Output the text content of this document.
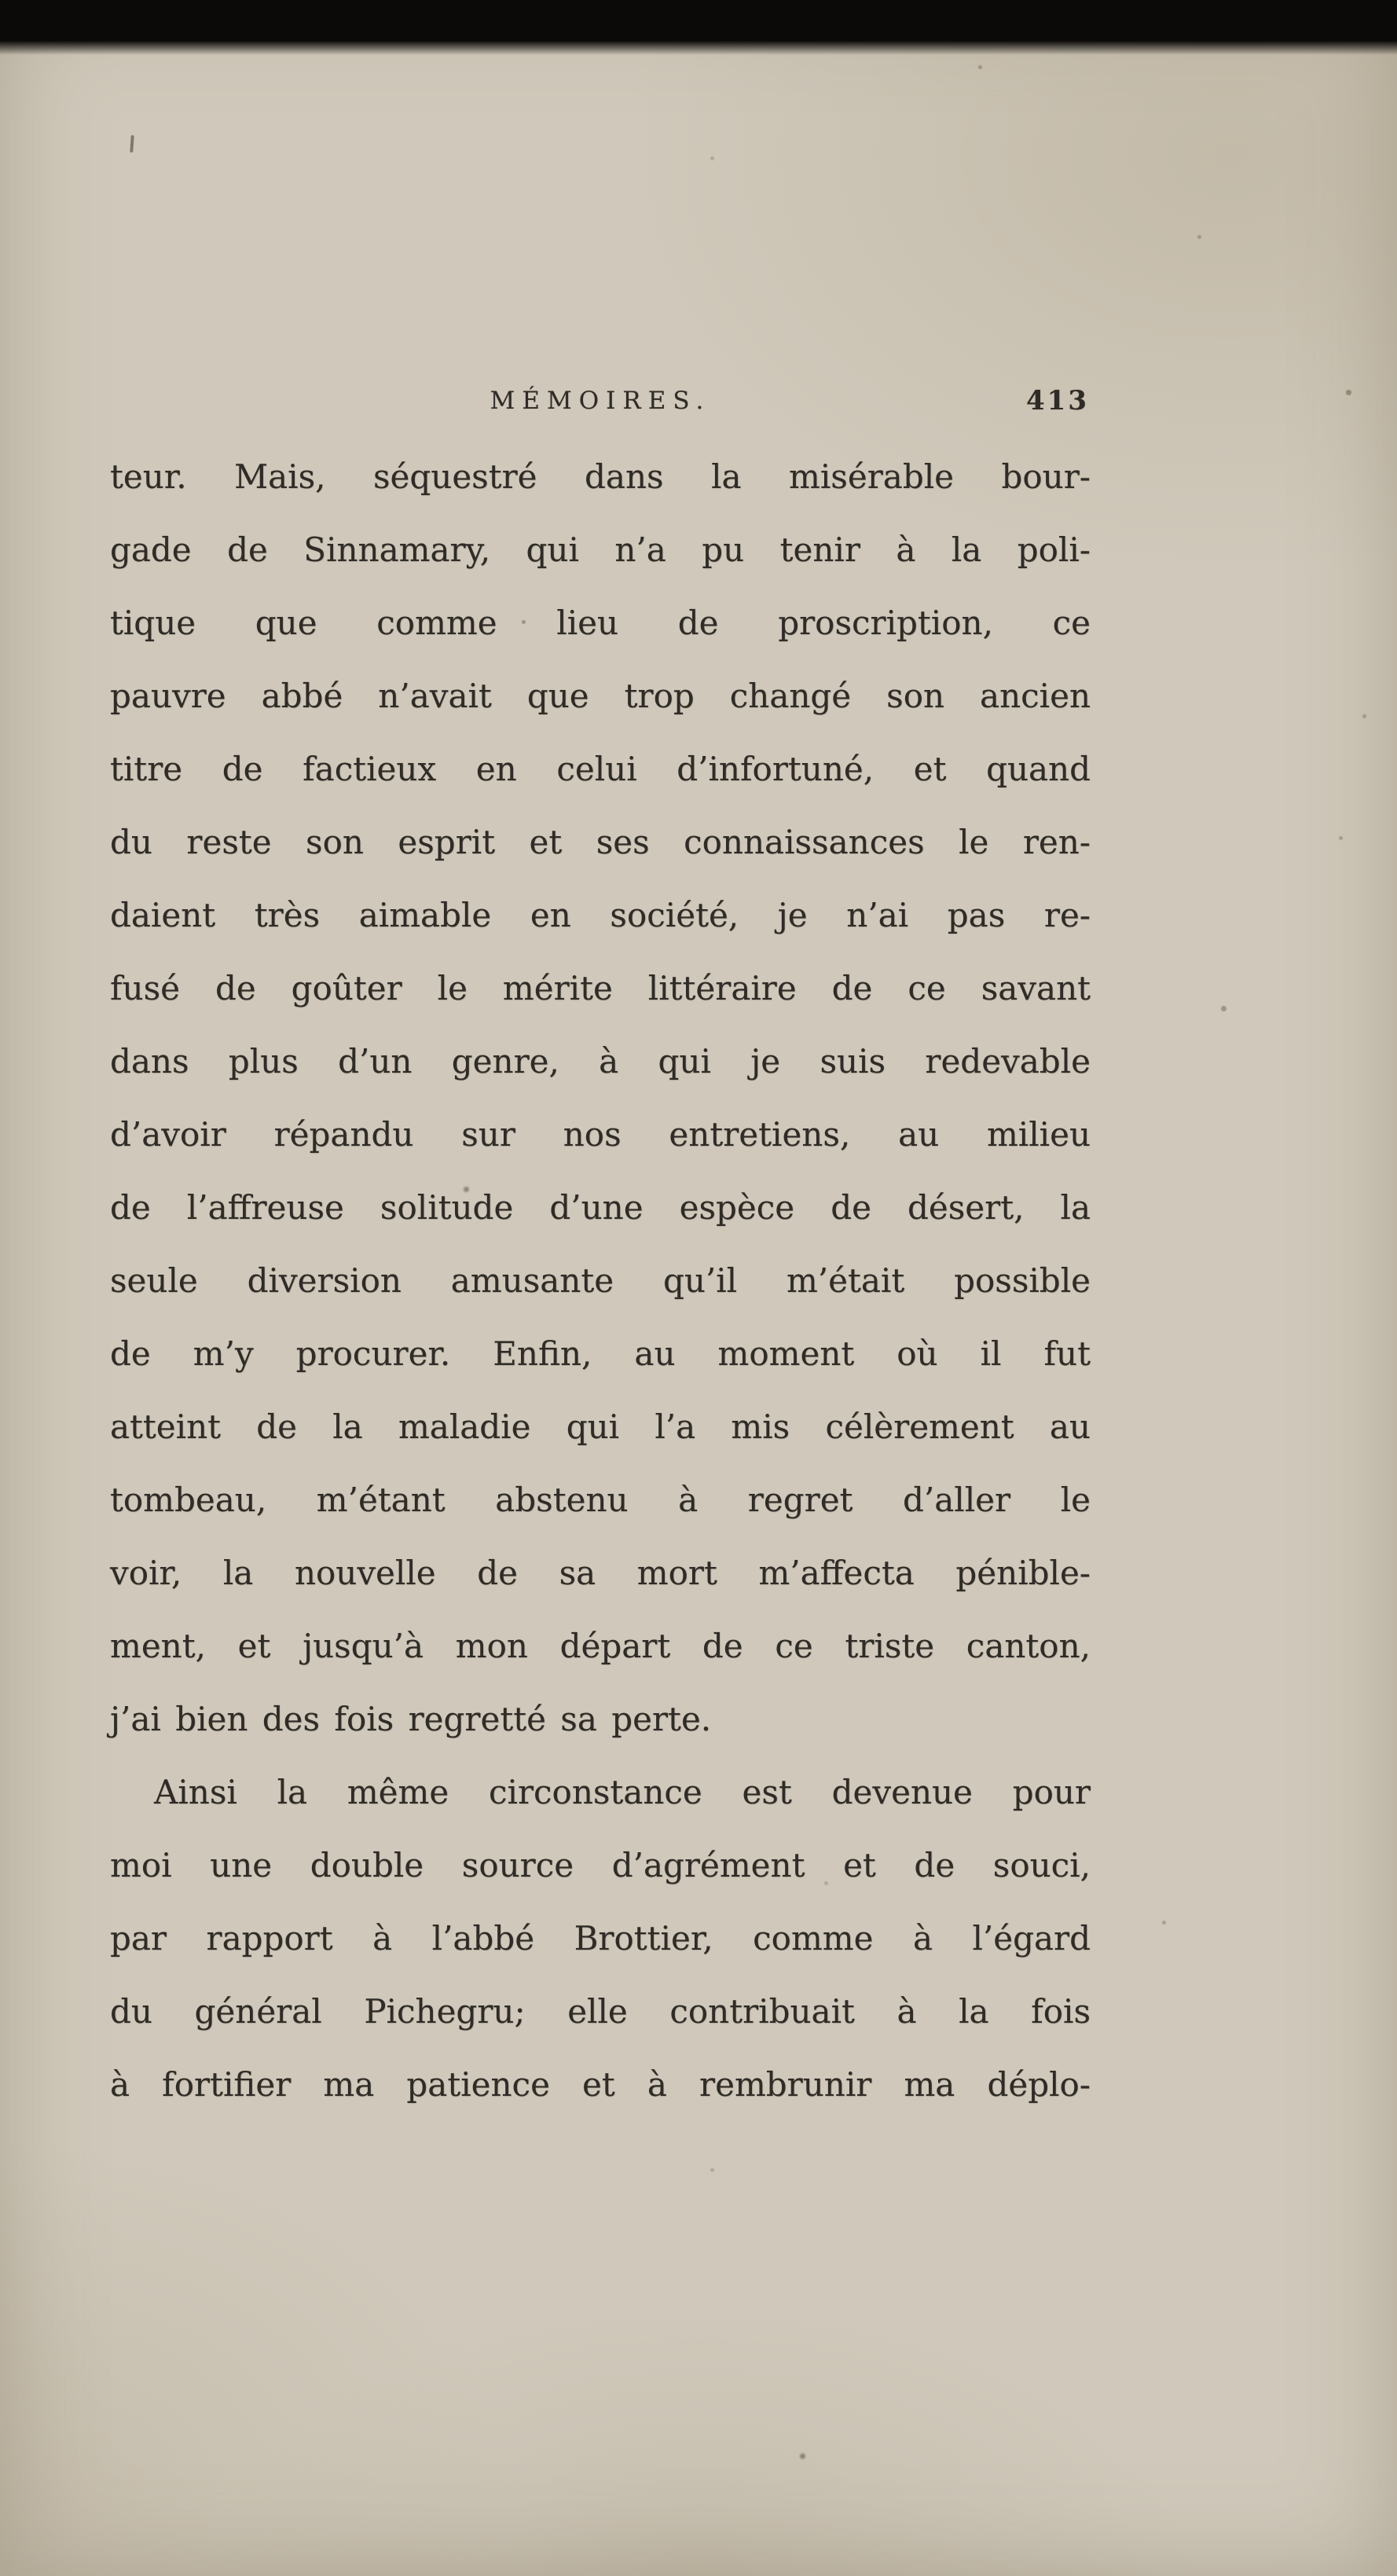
MÉMOIRES.	413
teur. Mais, séquestré dans la misérable bour-
gade de Sinnamary, qui n’a pu tenir à la poli-
tique que comme lieu de proscription, ce
pauvre abbé n’avait que trop changé son ancien
titre de factieux en celui d’infortuné, et quand
du reste son esprit et ses connaissances le ren-
daient très aimable en société, je n’ai pas re-
fusé de goûter le mérite littéraire de ce savant
dans plus d’un genre, à qui je suis redevable
d’avoir répandu sur nos entretiens, au milieu
de l’affreuse solitude d’une espèce de désert, la
seule diversion amusante qu’il m’était possible
de m’y procurer. Enfin, au moment où il fut
atteint de la maladie qui l’a mis célèrement au
tombeau, m’étant abstenu à regret d’aller le
voir, la nouvelle de sa mort m’affecta pénible-
ment, et jusqu’à mon départ de ce triste canton,
j’ai bien des fois regretté sa perte.
Ainsi la même circonstance est devenue pour
moi une double source d’agrément et de souci,
par rapport à l’abbé Brottier, comme à l’égard
du général Pichegru; elle contribuait à la fois
à fortifier ma patience et à rembrunir ma déplo-
